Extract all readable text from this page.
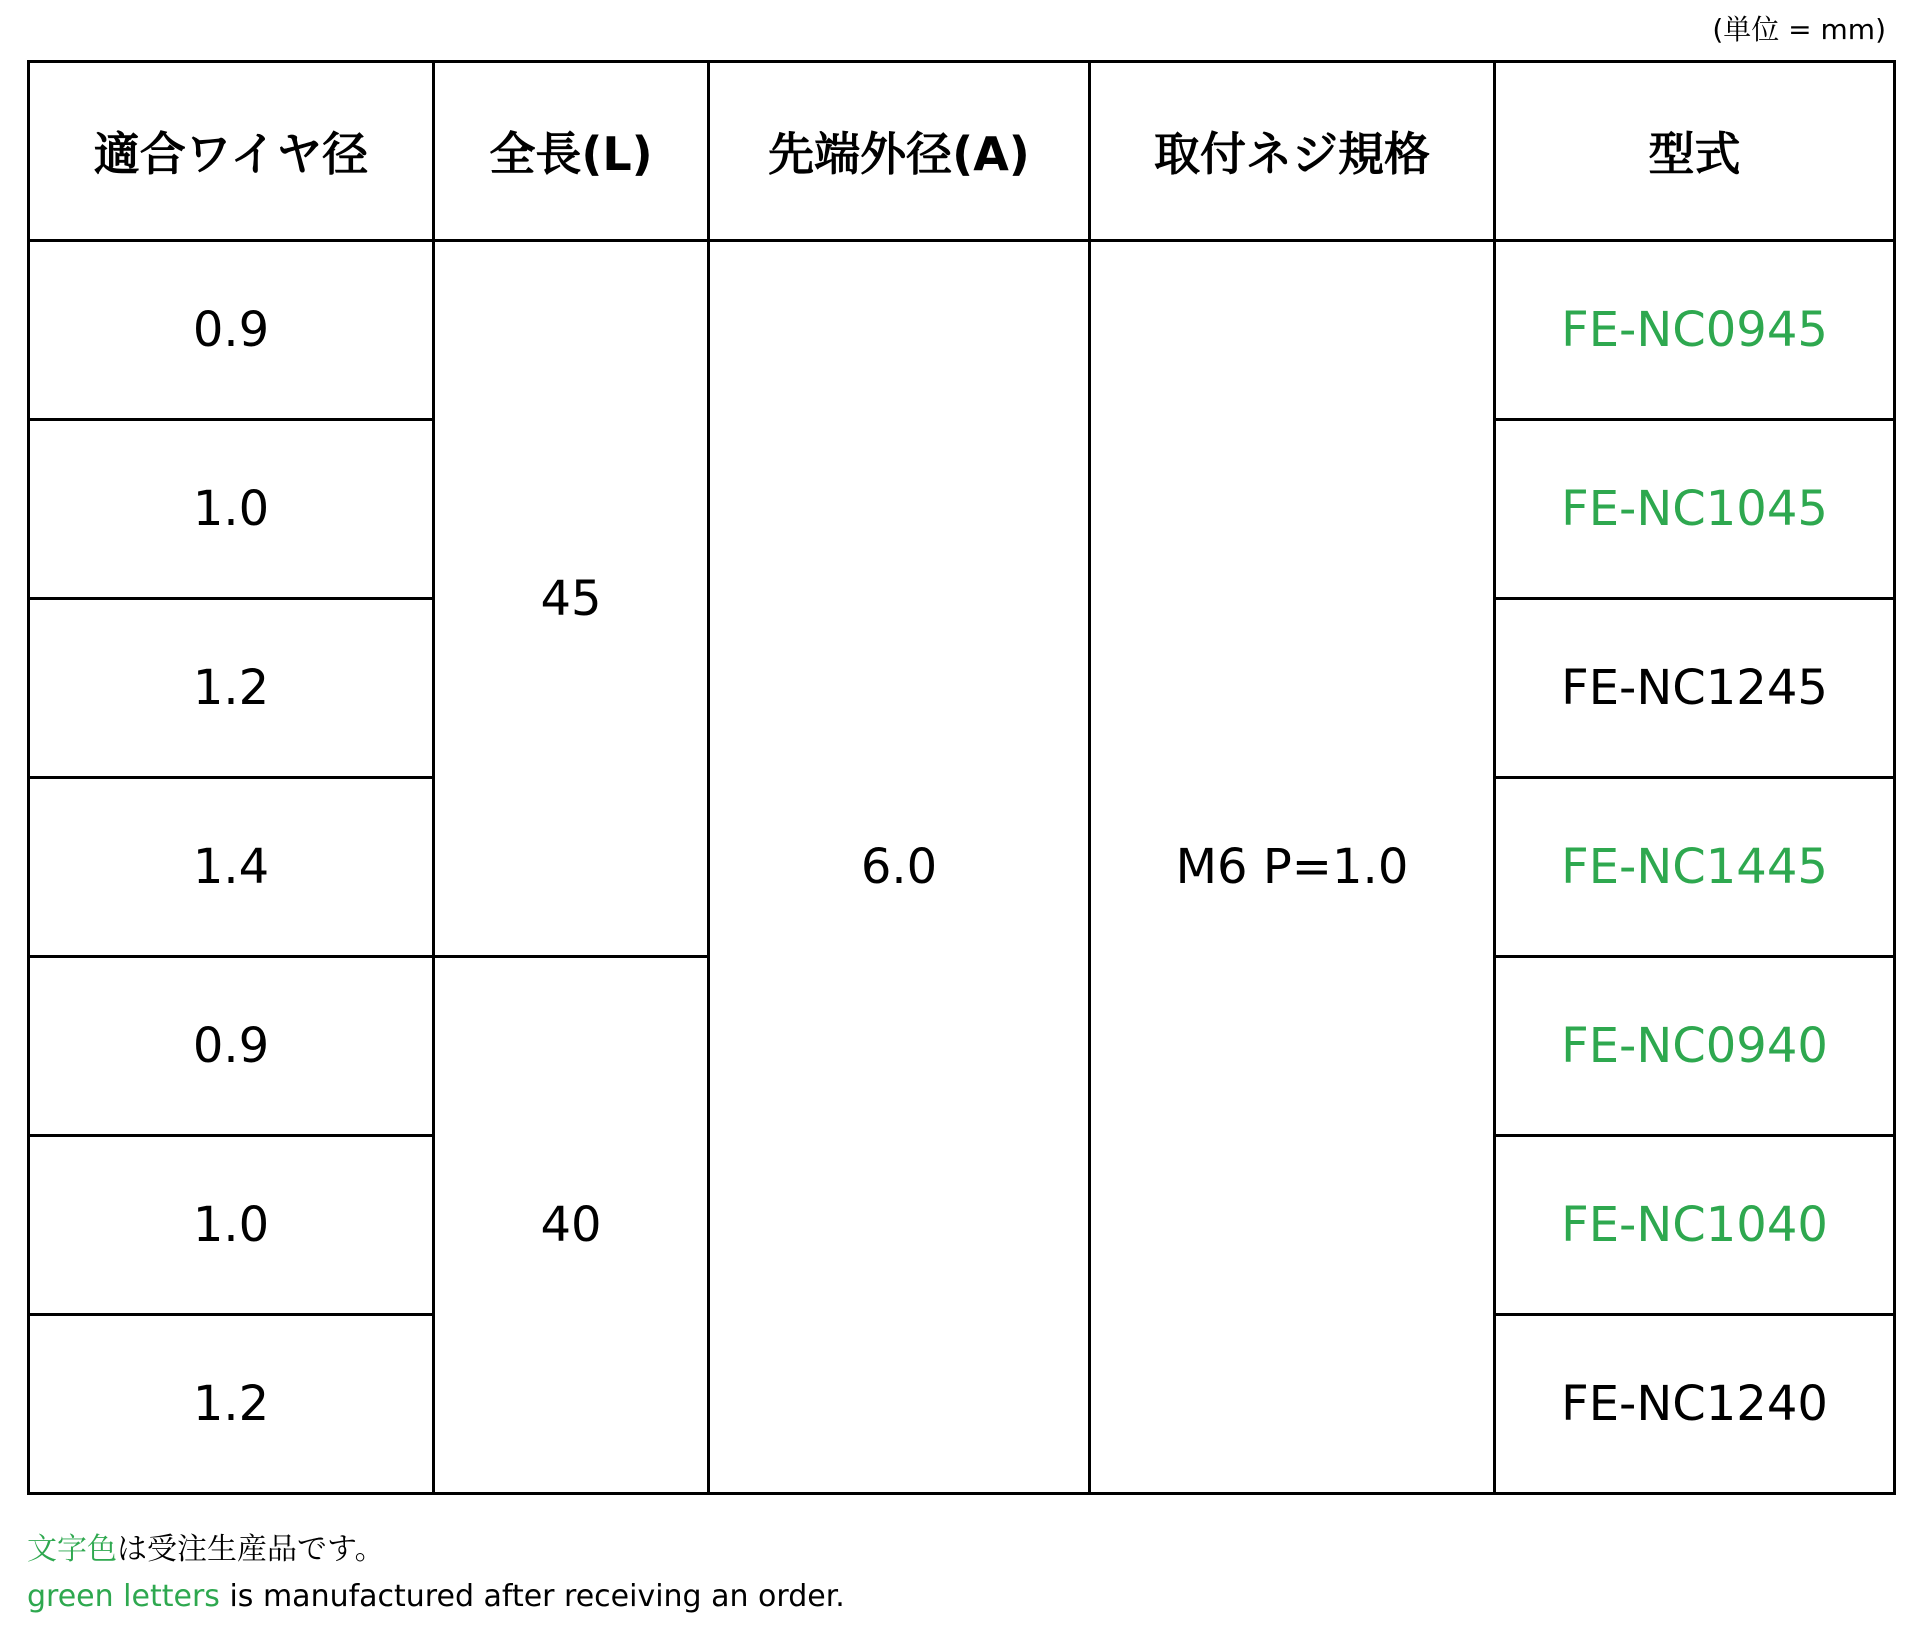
(単位 = mm)
適合ワイヤ径	全長(L)	先端外径(A)	取付ネジ規格	型式
0.9	45	6.0	M6 P=1.0	FE-NC0945
1.0				FE-NC1045
1.2				FE-NC1245
1.4				FE-NC1445
0.9	40			FE-NC0940
1.0				FE-NC1040
1.2				FE-NC1240
文字色は受注生産品です。
green letters is manufactured after receiving an order.
